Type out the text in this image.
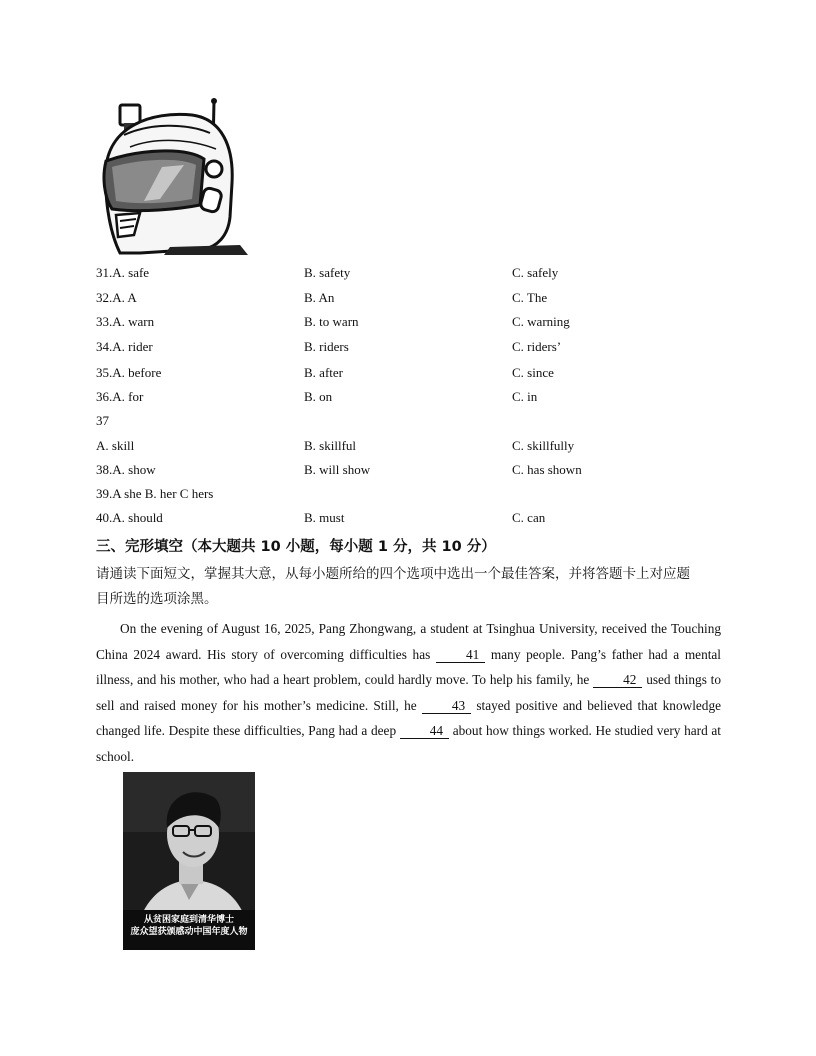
31.A. safe	B. safety	C. safely
32.A. A	B. An	C. The
33.A. warn	B. to warn	C. warning
34.A. rider	B. riders	C. riders’
35.A. before	B. after	C. since
36.A. for	B. on	C. in
37
A. skill	B. skillful	C. skillfully
38.A. show	B. will show	C. has shown
39.A she B. her C hers
40.A. should	B. must	C. can
三、完形填空（本大题共 10 小题，每小题 1 分，共 10 分）
请通读下面短文，掌握其大意，从每小题所给的四个选项中选出一个最佳答案，并将答题卡上对应题
目所选的选项涂黑。
On the evening of August 16, 2025, Pang Zhongwang, a student at Tsinghua University, received the Touching China 2024 award. His story of overcoming difficulties has 41 many people. Pang’s father had a mental illness, and his mother, who had a heart problem, could hardly move. To help his family, he 42 used things to sell and raised money for his mother’s medicine. Still, he 43 stayed positive and believed that knowledge changed life. Despite these difficulties, Pang had a deep 44 about how things worked. He studied very hard at school.
从贫困家庭到清华博士
庞众望获颁感动中国年度人物
